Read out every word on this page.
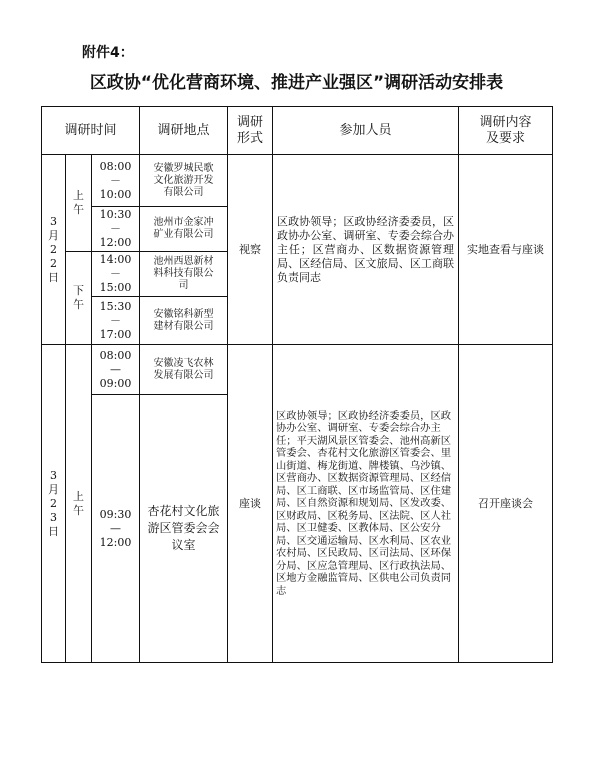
附件4：
区政协“优化营商环境、推进产业强区”调研活动安排表
调研时间			调研地点	调研形式	参加人员	调研内容及要求
3月22日	上午	08:00－10:00	安徽罗城民歌文化旅游开发有限公司	视察	区政协领导；区政协经济委委员，区政协办公室、调研室、专委会综合办主任；区营商办、区数据资源管理局、区经信局、区文旅局、区工商联负责同志	实地查看与座谈
		10:30－12:00	池州市金家冲矿业有限公司			
	下午	14:00－15:00	池州西恩新材料科技有限公司			
		15:30－17:00	安徽铭科新型建材有限公司			
3月23日	上午	08:00—09:00	安徽凌飞农林发展有限公司	座谈	区政协领导；区政协经济委委员，区政协办公室、调研室、专委会综合办主任；平天湖风景区管委会、池州高新区管委会、杏花村文化旅游区管委会、里山街道、梅龙街道、牌楼镇、乌沙镇、区营商办、区数据资源管理局、区经信局、区工商联、区市场监管局、区住建局、区自然资源和规划局、区发改委、区财政局、区税务局、区法院、区人社局、区卫健委、区教体局、区公安分局、区交通运输局、区水利局、区农业农村局、区民政局、区司法局、区环保分局、区应急管理局、区行政执法局、区地方金融监管局、区供电公司负责同志	召开座谈会
		09:30—12:00	杏花村文化旅游区管委会会议室			
